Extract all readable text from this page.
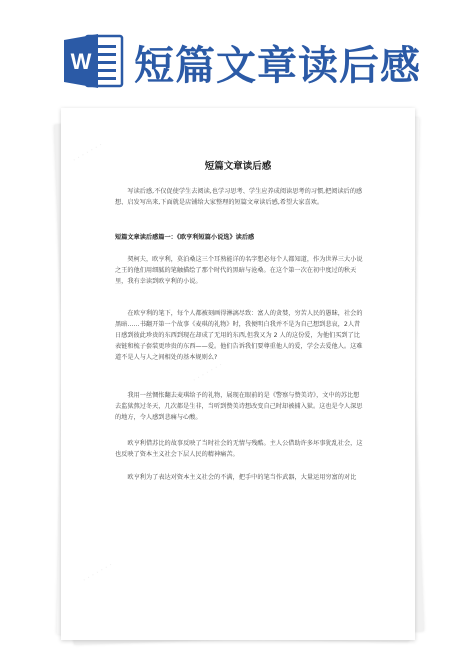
W 短篇文章读后感
· · · · · · ·
· · · · · · ·
· · · · · · ·
短篇文章读后感
写读后感,不仅促使学生去阅读,也学习思考、学生应养成阅读思考的习惯,把阅读后的感想、启发写出来,下面就是店铺给大家整理的短篇文章读后感,希望大家喜欢。
短篇文章读后感篇一：《欧亨利短篇小说选》读后感
契柯夫，欧亨利，莫泊桑这三个耳熟能详的名字想必每个人都知道，作为世界三大小说之王的他们用细腻的笔触描绘了那个时代的黑暗与沧桑。在这个第一次在初中度过的秋天里，我有幸读到欧亨利的小说。
在欧亨利的笔下，每个人都被刻画得淋漓尽致：富人的贪婪，穷苦人民的愚昧，社会的黑暗……书翻开第一个故事《麦琪的礼物》时，我便明白我并不是为自己想到悲哀，2人昔日感到彼此珍贵的东西到现在却成了无用的东西,但我又为 2 人的这份爱，为他们买到了比表链和梳子套装更珍贵的东西——爱。他们告诉我们要尊重他人的爱，学会去爱他人。这难道不是人与人之间相处的基本规则么?
我用一丝惆怅翻去麦琪给予的礼物，展现在眼前的是《警察与赞美诗》，文中的苏比想去监狱熬过冬天，几次都是生非，当听到赞美诗想改变自己时却被捕入狱。这也是令人深思的地方，令人感到悲痛与心酸。
欧亨利借苏比的故事反映了当时社会的无情与残酷。主人公借助许多坏事犹乱社会，这也反映了资本主义社会下层人民的精神痛苦。
欧亨利为了表达对资本主义社会的不满，把手中的笔当作武器，大量运用穷富的对比
